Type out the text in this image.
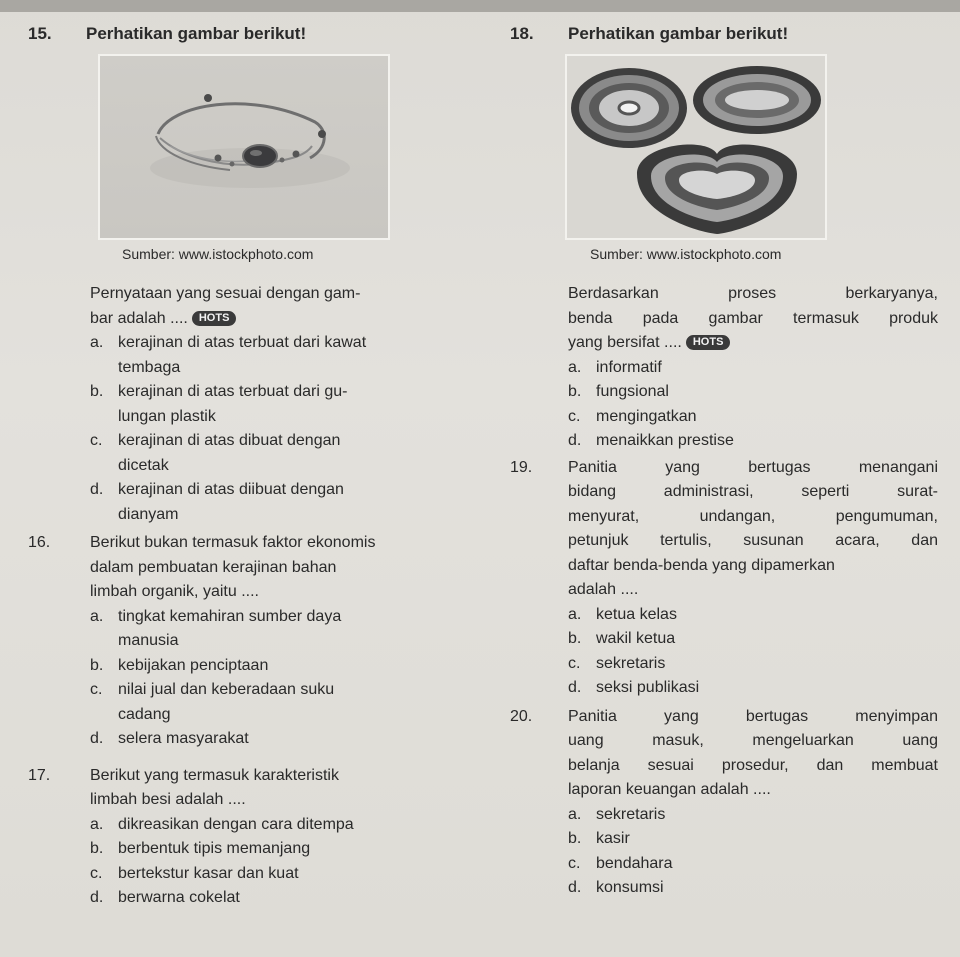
15.	Perhatikan gambar berikut!
Sumber: www.istockphoto.com
Pernyataan yang sesuai dengan gam-
bar adalah .... HOTS
a. kerajinan di atas terbuat dari kawat
tembaga
b. kerajinan di atas terbuat dari gu-
lungan plastik
c. kerajinan di atas dibuat dengan
dicetak
d. kerajinan di atas diibuat dengan
dianyam
16.	Berikut bukan termasuk faktor ekonomis
dalam pembuatan kerajinan bahan
limbah organik, yaitu ....
a. tingkat kemahiran sumber daya
manusia
b. kebijakan penciptaan
c. nilai jual dan keberadaan suku
cadang
d. selera masyarakat
17.	Berikut yang termasuk karakteristik
limbah besi adalah ....
a. dikreasikan dengan cara ditempa
b. berbentuk tipis memanjang
c. bertekstur kasar dan kuat
d. berwarna cokelat
18.	Perhatikan gambar berikut!
Sumber: www.istockphoto.com
Berdasarkan proses berkaryanya,
benda pada gambar termasuk produk
yang bersifat .... HOTS
a. informatif
b. fungsional
c. mengingatkan
d. menaikkan prestise
19.	Panitia yang bertugas menangani
bidang administrasi, seperti surat-
menyurat, undangan, pengumuman,
petunjuk tertulis, susunan acara, dan
daftar benda-benda yang dipamerkan
adalah ....
a. ketua kelas
b. wakil ketua
c. sekretaris
d. seksi publikasi
20.	Panitia yang bertugas menyimpan
uang masuk, mengeluarkan uang
belanja sesuai prosedur, dan membuat
laporan keuangan adalah ....
a. sekretaris
b. kasir
c. bendahara
d. konsumsi
